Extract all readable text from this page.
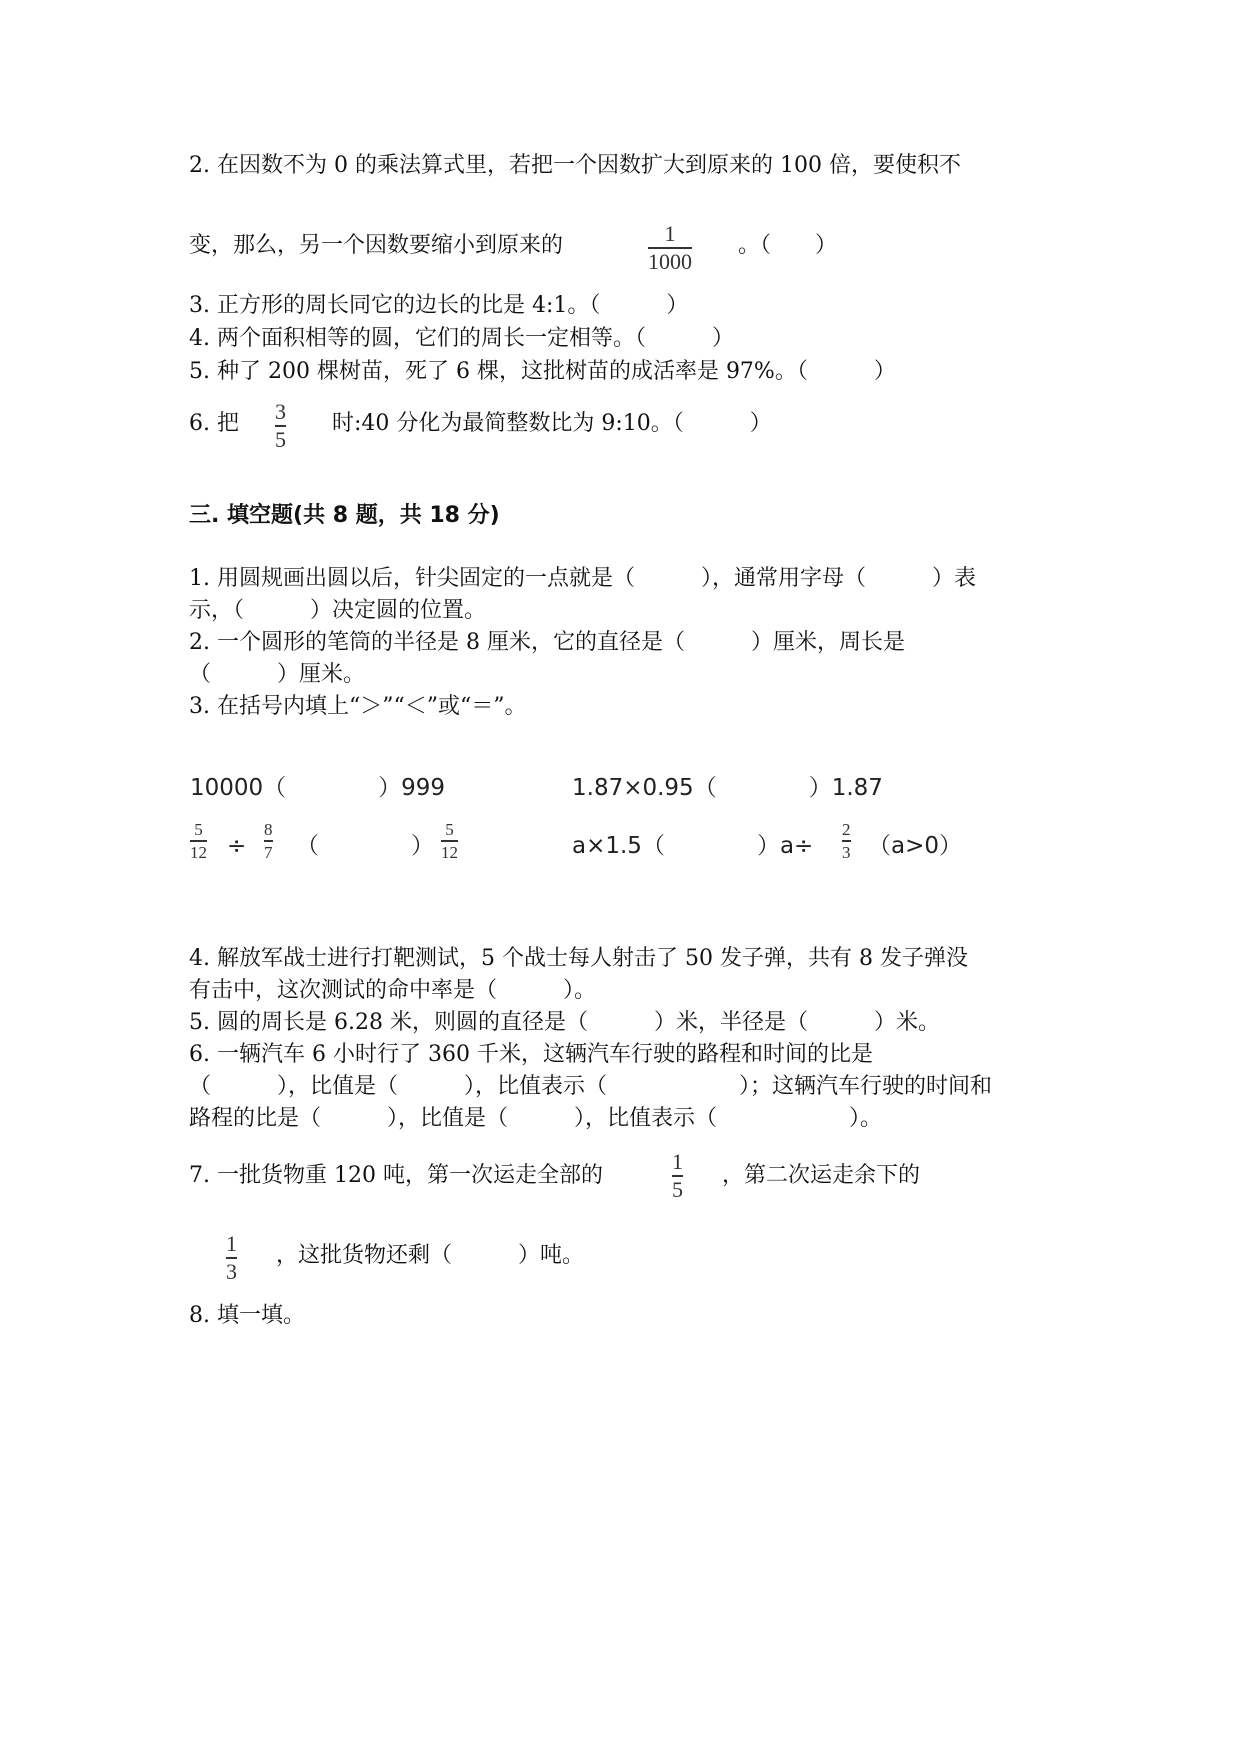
2. 在因数不为 0 的乘法算式里，若把一个因数扩大到原来的 100 倍，要使积不
变，那么，另一个因数要缩小到原来的	1
1000
。（　　）
3. 正方形的周长同它的边长的比是 4:1。（　　　）
4. 两个面积相等的圆，它们的周长一定相等。（　　　）
5. 种了 200 棵树苗，死了 6 棵，这批树苗的成活率是 97%。（　　　）
6. 把 3
5
时:40 分化为最简整数比为 9:10。（　　　）
三. 填空题(共 8 题，共 18 分)
1. 用圆规画出圆以后，针尖固定的一点就是（　　　），通常用字母（　　　）表
示，（　　　）决定圆的位置。
2. 一个圆形的笔筒的半径是 8 厘米，它的直径是（　　　）厘米，周长是
（　　　）厘米。
3. 在括号内填上“＞”“＜”或“＝”。
10000（　　　　）999	1.87×0.95（　　　　）1.87
5
12 ÷
8
7 （　　　　）
5
12	a×1.5（　　　　）a÷
2
3 （a>0）
4. 解放军战士进行打靶测试，5 个战士每人射击了 50 发子弹，共有 8 发子弹没
有击中，这次测试的命中率是（　　　）。
5. 圆的周长是 6.28 米，则圆的直径是（　　　）米，半径是（　　　）米。
6. 一辆汽车 6 小时行了 360 千米，这辆汽车行驶的路程和时间的比是
（　　　），比值是（　　　），比值表示（　　　　　　）；这辆汽车行驶的时间和
路程的比是（　　　），比值是（　　　），比值表示（　　　　　　）。
7. 一批货物重 120 吨，第一次运走全部的
1
5
，第二次运走余下的
1
3
，这批货物还剩（　　　）吨。
8. 填一填。
